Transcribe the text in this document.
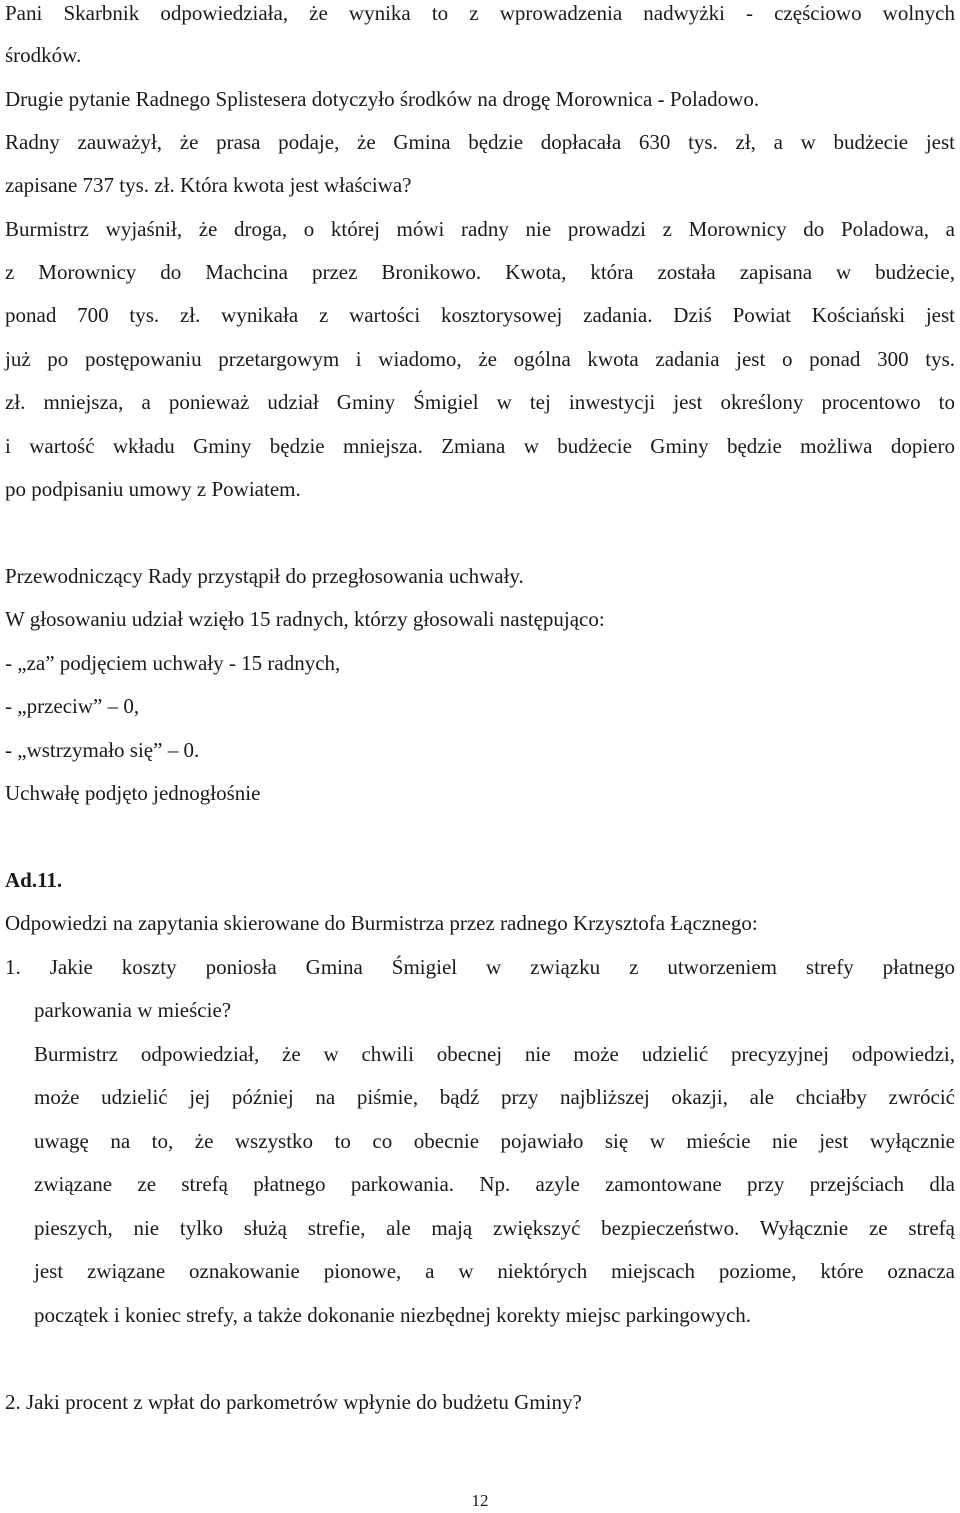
Pani Skarbnik odpowiedziała, że wynika to z wprowadzenia nadwyżki - częściowo wolnych
środków.
Drugie pytanie Radnego Splistesera dotyczyło środków na drogę Morownica - Poladowo.
Radny zauważył, że prasa podaje, że Gmina będzie dopłacała 630 tys. zł, a w budżecie jest
zapisane 737 tys. zł. Która kwota jest właściwa?
Burmistrz wyjaśnił, że droga, o której mówi radny nie prowadzi z Morownicy do Poladowa, a
z Morownicy do Machcina przez Bronikowo. Kwota, która została zapisana w budżecie,
ponad 700 tys. zł. wynikała z wartości kosztorysowej zadania. Dziś Powiat Kościański jest
już po postępowaniu przetargowym i wiadomo, że ogólna kwota zadania jest o ponad 300 tys.
zł. mniejsza, a ponieważ udział Gminy Śmigiel w tej inwestycji jest określony procentowo to
i wartość wkładu Gminy będzie mniejsza. Zmiana w budżecie Gminy będzie możliwa dopiero
po podpisaniu umowy z Powiatem.
Przewodniczący Rady przystąpił do przegłosowania uchwały.
W głosowaniu udział wzięło 15 radnych, którzy głosowali następująco:
- „za” podjęciem uchwały - 15 radnych,
- „przeciw” – 0,
- „wstrzymało się” – 0.
Uchwałę podjęto jednogłośnie
Ad.11.
Odpowiedzi na zapytania skierowane do Burmistrza przez radnego Krzysztofa Łącznego:
1. Jakie koszty poniosła Gmina Śmigiel w związku z utworzeniem strefy płatnego
parkowania w mieście?
Burmistrz odpowiedział, że w chwili obecnej nie może udzielić precyzyjnej odpowiedzi,
może udzielić jej później na piśmie, bądź przy najbliższej okazji, ale chciałby zwrócić
uwagę na to, że wszystko to co obecnie pojawiało się w mieście nie jest wyłącznie
związane ze strefą płatnego parkowania. Np. azyle zamontowane przy przejściach dla
pieszych, nie tylko służą strefie, ale mają zwiększyć bezpieczeństwo. Wyłącznie ze strefą
jest związane oznakowanie pionowe, a w niektórych miejscach poziome, które oznacza
początek i koniec strefy, a także dokonanie niezbędnej korekty miejsc parkingowych.
2. Jaki procent z wpłat do parkometrów wpłynie do budżetu Gminy?
12
